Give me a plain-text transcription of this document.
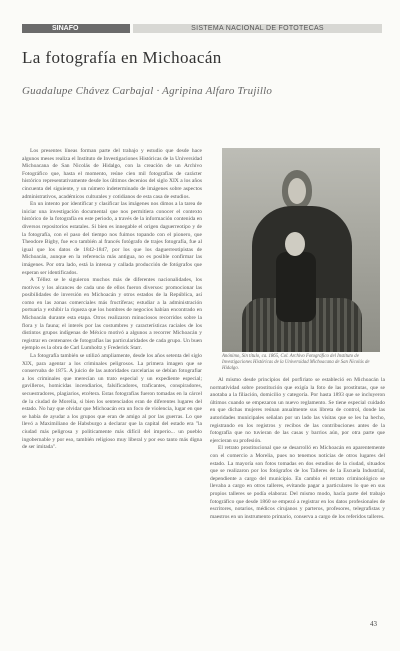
SINAFO	SISTEMA NACIONAL DE FOTOTECAS
La fotografía en Michoacán
Guadalupe Chávez Carbajal · Agripina Alfaro Trujillo

Los presentes líneas forman parte del trabajo y estudio que desde hace algunos meses realiza el Instituto de Investigaciones Históricas de la Universidad Michoacana de San Nicolás de Hidalgo, con la creación de un Archivo Fotográfico que, hasta el momento, reúne cien mil fotografías de carácter histórico representativamente desde los últimos decenios del siglo XIX a los años cincuenta del siguiente, y un número indeterminado de imágenes sobre aspectos administrativos, académicos culturales y cotidianos de esta casa de estudios.

En un intento por identificar y clasificar las imágenes nos dimos a la tarea de iniciar una investigación documental que nos permitiera conocer el contexto histórico de la fotografía en este periodo, a través de la información contenida en diversos repositorios estatales. Si bien es innegable el origen daguerreotipo y de la fotografía, con el paso del tiempo nos fuimos topando con el pionero, que Theodore Bigby, fue eco también al francés fotógrafo de trajes fotografía, fue al igual que los datos de 1842-1847, por los que los daguerreotipistas de Michoacán, aunque en la referencia más antigua, no es posible confirmar las imágenes. Por otra lado, está la intensa y callada producción de fotógrafos que esperan ser identificados.

A Téllez se le siguieron muchos más de diferentes nacionalidades, los motivos y los alcances de cada uno de ellos fueron diversos: promocionar las posibilidades de inversión en Michoacán y otros estados de la República, así como en las zonas comerciales más fructíferas; estudiar a la administración portuaria y exhibir la riqueza que los hombres de negocios habían encontrado en Michoacán durante esta etapa. Otros realizaron minuciosos recorridos sobre la flora y la fauna; el interés por las costumbres y características raciales de los distintos grupos indígenas de México motivó a algunos a recorrer Michoacán y registrar en centenares de fotografías las particularidades de cada grupo. Un buen ejemplo es la obra de Carl Lumholtz y Frederick Starr.

La fotografía también se utilizó ampliamente, desde los años setenta del siglo XIX, para agentar a los criminales peligrosos. La primera imagen que se conservaba de 1875. A juicio de las autoridades carcelarias se debían fotografiar a los criminales que merecían un trato especial y un expediente especial; gavilleros, homicidas incendiarios, falsificadores, traficantes, conspiradores, secuestradores, plagiarios, etcétera. Estas fotografías fueron tomadas en la cárcel de la ciudad de Morelia, si bien los sentenciados eran de diferentes lugares del estado. No hay que olvidar que Michoacán era un foco de violencia, lugar en que se había de ayudar a los grupos que eran de amigo al por las guerras. Lo que llevó a Maximiliano de Habsburgo a declarar que la capital del estado era "la ciudad más peligrosa y políticamente más difícil del imperio... un pueblo ingobernable y por eso, también religioso muy liberal y por eso tanto más digna de ser imitada".

Anónimo, Sin título, ca. 1865, Col. Archivo Fotográfico del Instituto de Investigaciones Históricas de la Universidad Michoacana de San Nicolás de Hidalgo.

Al mismo desde principios del porfiriato se estableció en Michoacán la normatividad sobre prostitución que exigía la foto de las prostitutas, que se anotaba a la filiación, domicilio y categoría. Por hasta 1893 que se incluyeron últimos cuando se empezaron un nuevo reglamento. Se tiene especial cuidado en que dichas mujeres reúnan anualmente sus libreta de control, donde las autoridades municipales señalan por un lado las visitas que se les ha hecho, registrando en los registros y recibos de las contribuciones antes de la fotografía que no tuvieran de las casas y barrios aún, por otra parte que ejercieran su profesión.

El retrato prostitucional que se desarrolló en Michoacán en aparentemente con el comercio a Morelia, pues no tenemos noticias de otros lugares del estado. La mayoría son fotos tomadas en dos estudios de la ciudad, situados que se realizaron por los fotógrafos de los Talleres de la Escuela Industrial, dependiente a cargo del municipio. En cambio el retrato criminológico se llevaba a cargo en otros talleres, evitando pagar a particulares lo que en sus propios talleres se podía elaborar. Del mismo modo, hacía parte del trabajo fotográfico que desde 1860 se empezó a registrar en los datos profesionales de escritores, notarios, médicos cirujanos y parteros, profesores, telegrafistas y maestros en un instrumento primario, conserva a cargo de los referidos talleres.

43
